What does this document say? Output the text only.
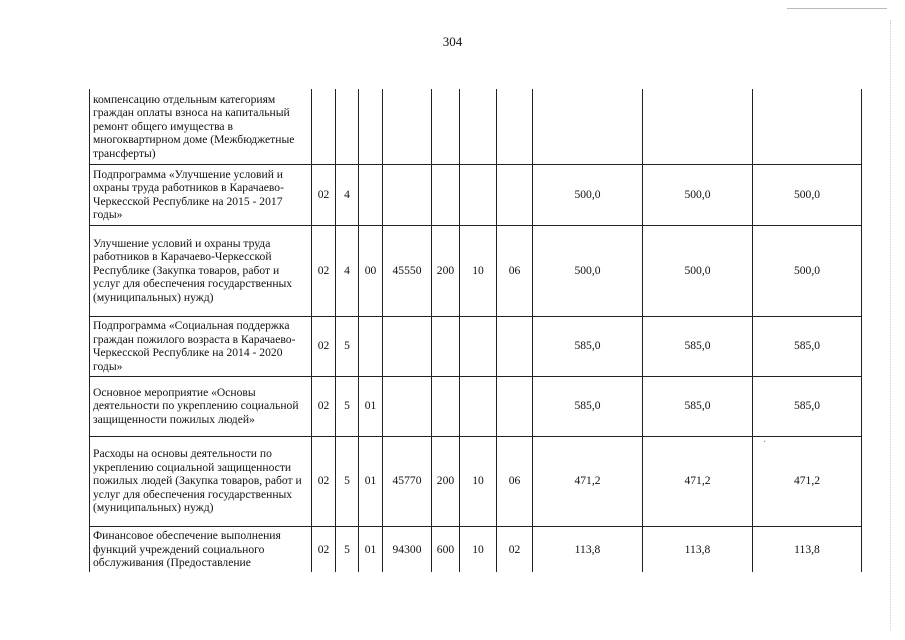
304
компенсацию отдельным категориям граждан оплаты взноса на капитальный ремонт общего имущества в многоквартирном доме (Межбюджетные трансферты)										
Подпрограмма «Улучшение условий и охраны труда работников в Карачаево-Черкесской Республике на 2015 - 2017 годы»	02	4						500,0	500,0	500,0
Улучшение условий и охраны труда работников в Карачаево-Черкесской Республике (Закупка товаров, работ и услуг для обеспечения государственных (муниципальных) нужд)	02	4	00	45550	200	10	06	500,0	500,0	500,0
Подпрограмма «Социальная поддержка граждан пожилого возраста в Карачаево-Черкесской Республике на 2014 - 2020 годы»	02	5						585,0	585,0	585,0
Основное мероприятие «Основы деятельности по укреплению социальной защищенности пожилых людей»	02	5	01					585,0	585,0	585,0
Расходы на основы деятельности по укреплению социальной защищенности пожилых людей (Закупка товаров, работ и услуг для обеспечения государственных (муниципальных) нужд)	02	5	01	45770	200	10	06	471,2	471,2	471,2
Финансовое обеспечение выполнения функций учреждений социального обслуживания (Предоставление	02	5	01	94300	600	10	02	113,8	113,8	113,8
·
